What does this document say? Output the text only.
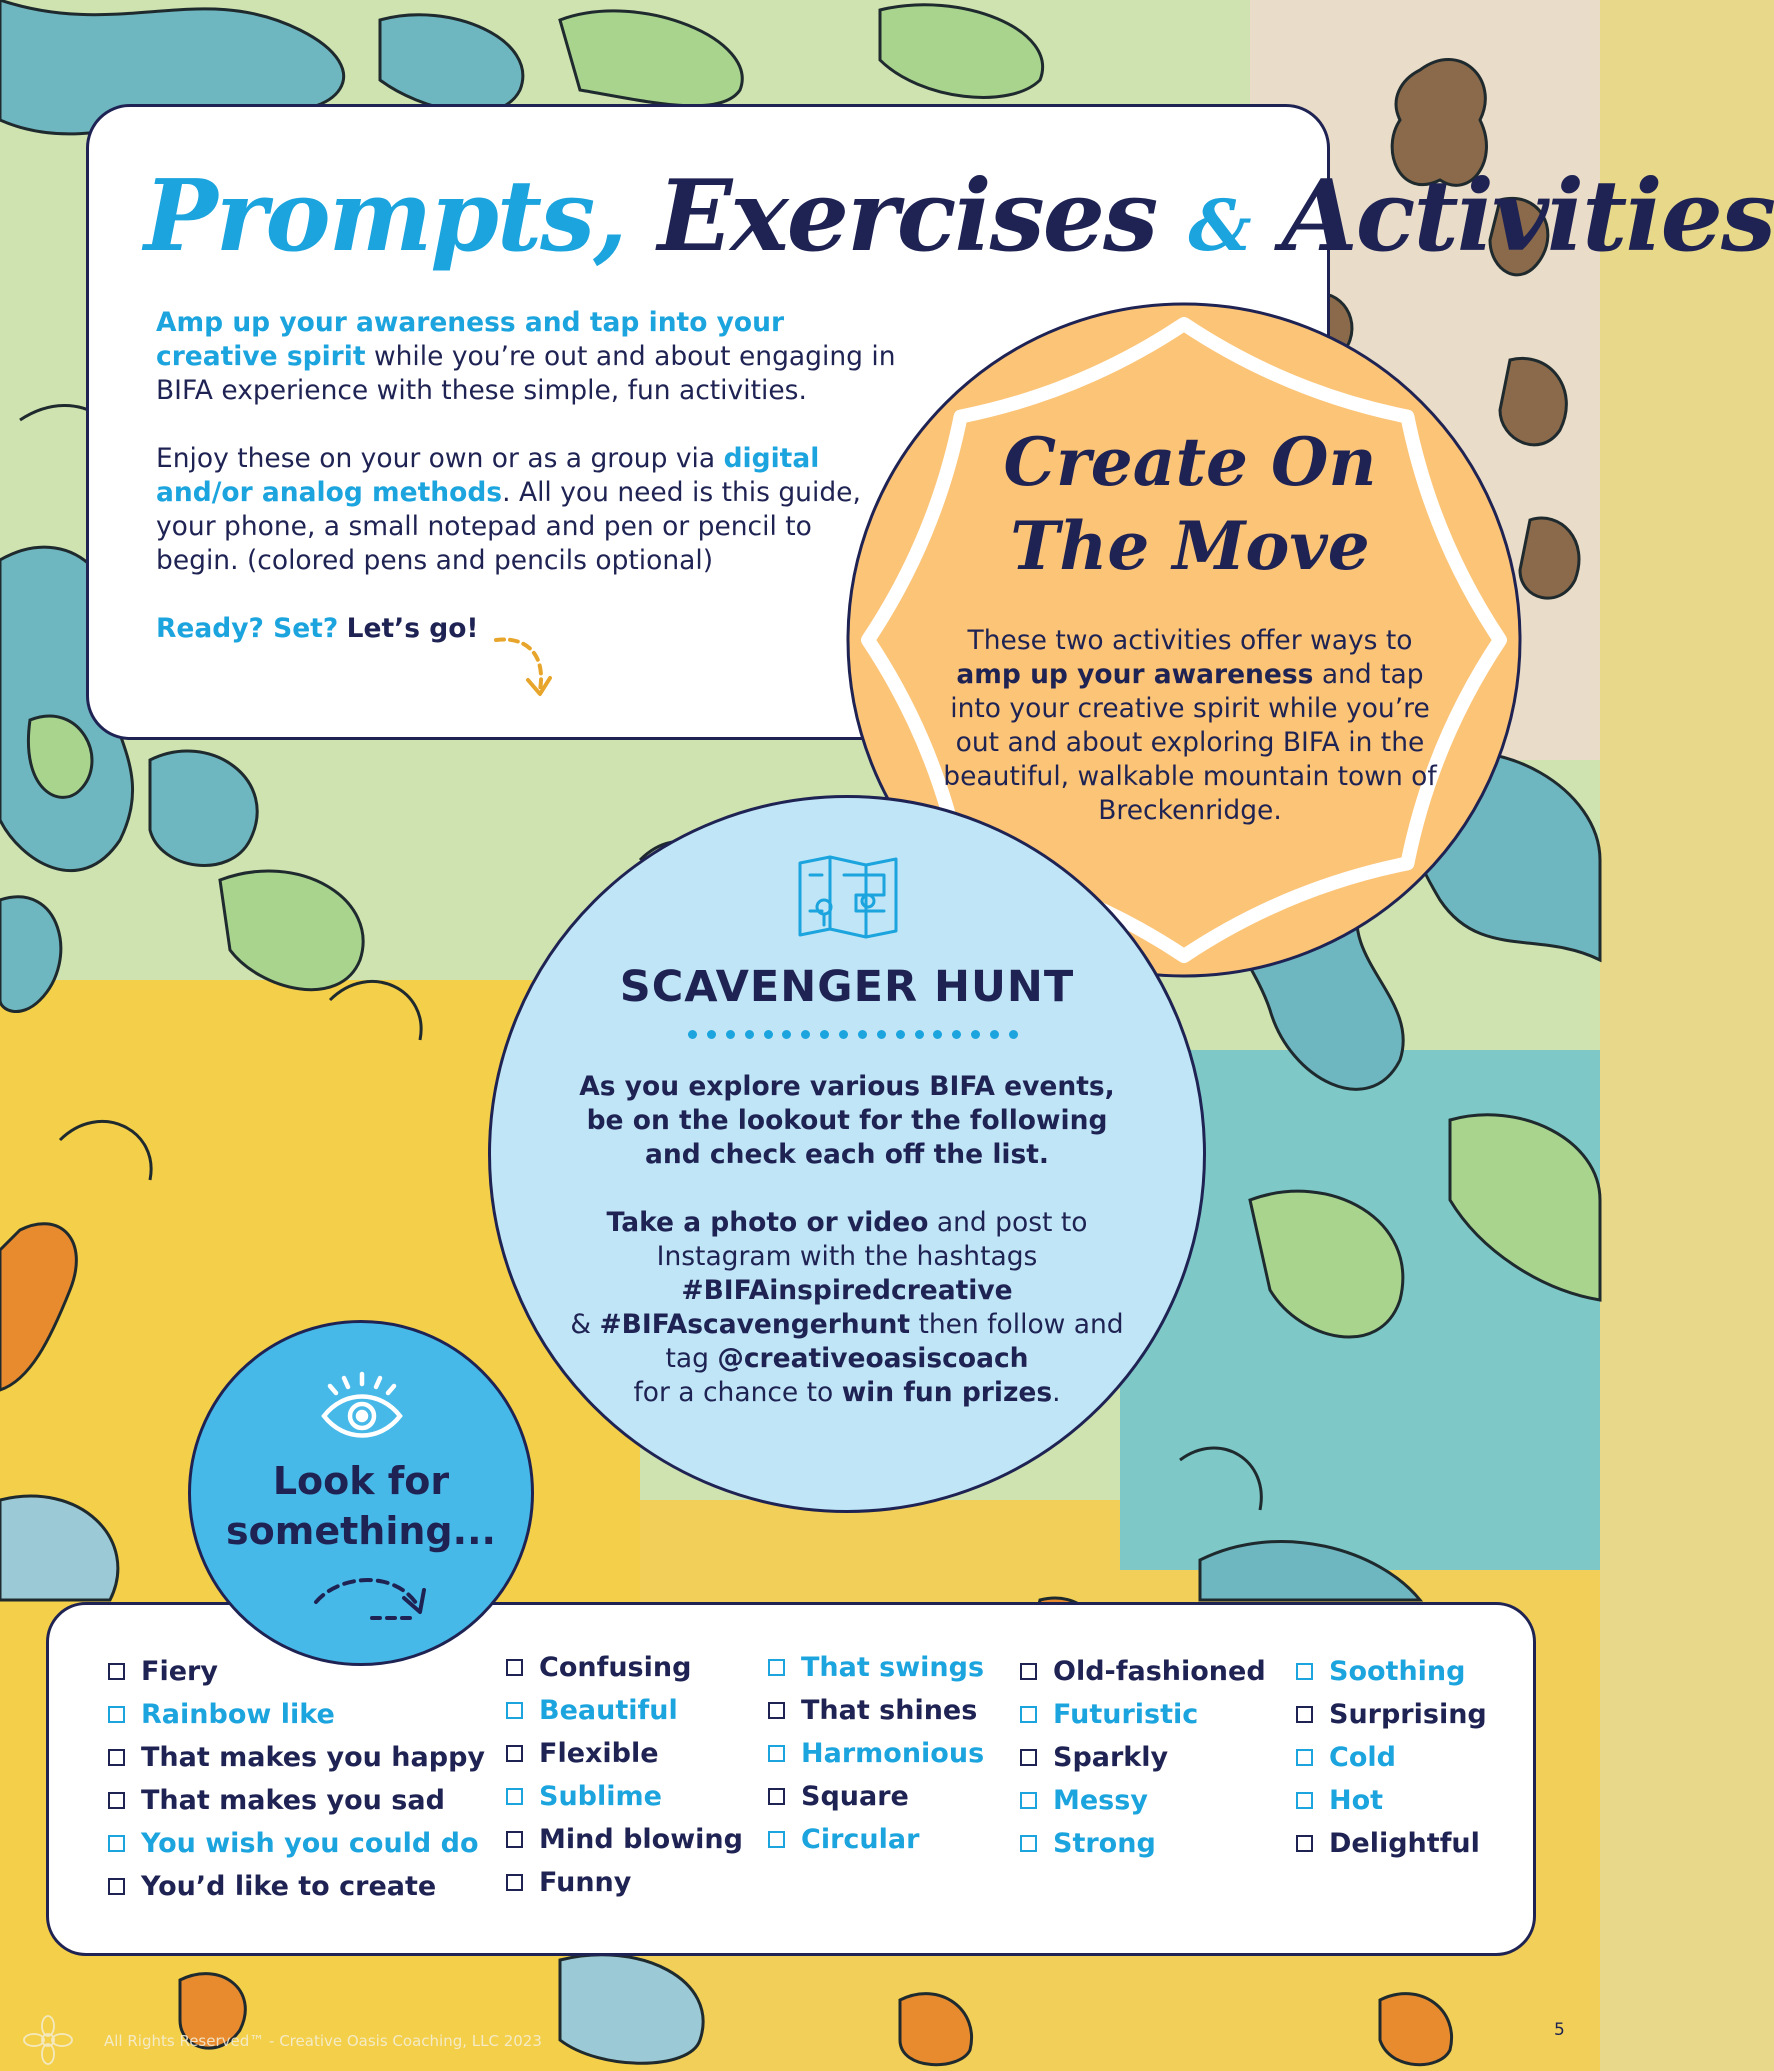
Prompts, Exercises & Activities

Amp up your awareness and tap into your creative spirit while you’re out and about engaging in BIFA experience with these simple, fun activities.

Enjoy these on your own or as a group via digital and/or analog methods. All you need is this guide, your phone, a small notepad and pen or pencil to begin. (colored pens and pencils optional)

Ready? Set? Let’s go!

Create On
The Move
These two activities offer ways to amp up your awareness and tap into your creative spirit while you’re out and about exploring BIFA in the beautiful, walkable mountain town of Breckenridge.
SCAVENGER HUNT
As you explore various BIFA events, be on the lookout for the following and check each off the list.
Take a photo or video and post to Instagram with the hashtags
#BIFAinspiredcreative
& #BIFAscavengerhunt then follow and tag @creativeoasiscoach
for a chance to win fun prizes.
Fiery
Rainbow like
That makes you happy
That makes you sad
You wish you could do
You’d like to create
Confusing
Beautiful
Flexible
Sublime
Mind blowing
Funny
That swings
That shines
Harmonious
Square
Circular
Old-fashioned
Futuristic
Sparkly
Messy
Strong
Soothing
Surprising
Cold
Hot
Delightful
Look for
something...
All Rights Reserved™ - Creative Oasis Coaching, LLC 2023
5
